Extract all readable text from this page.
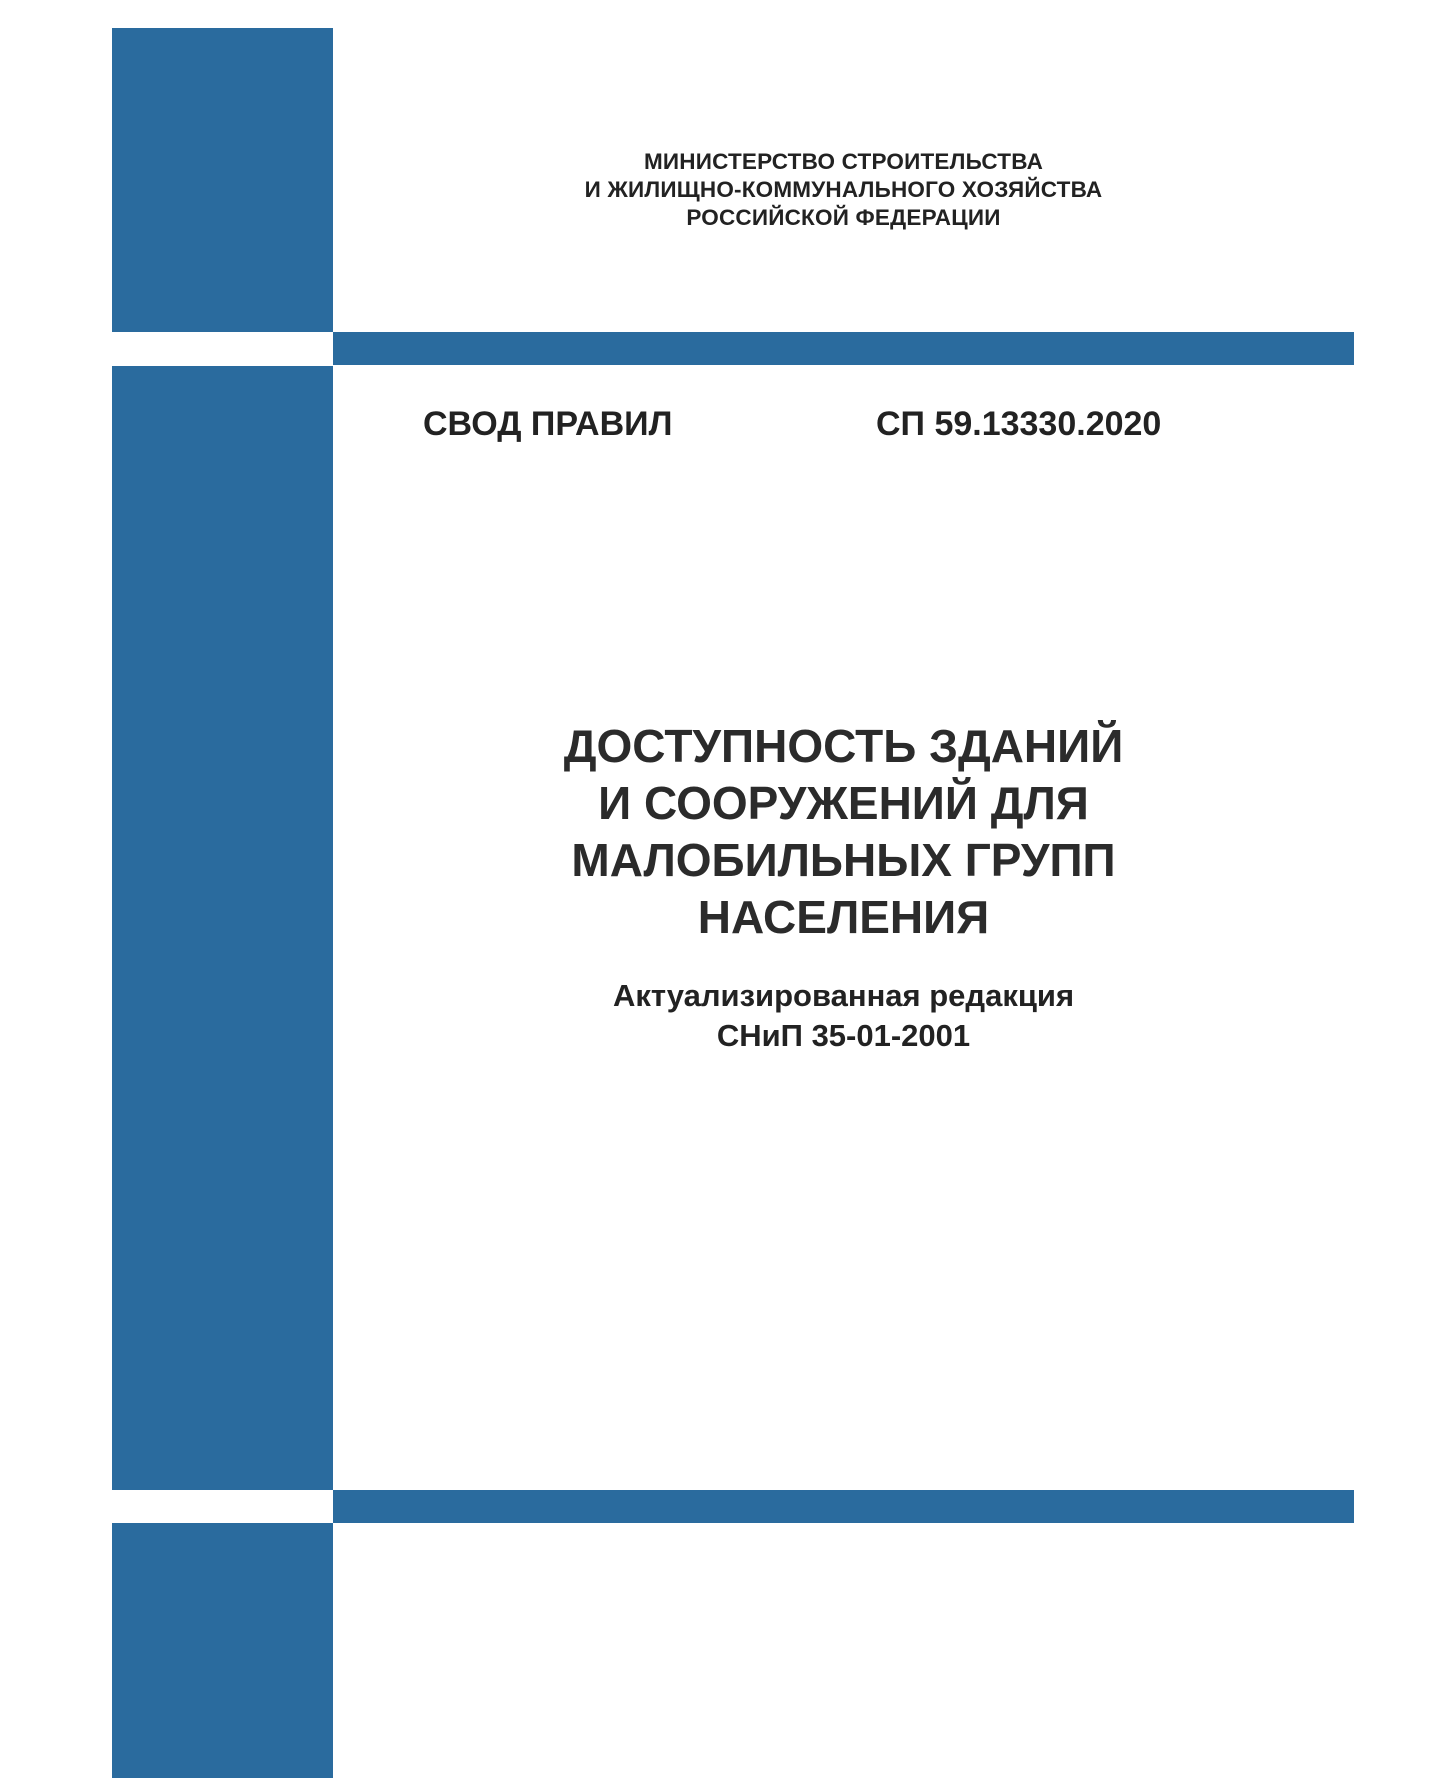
МИНИСТЕРСТВО СТРОИТЕЛЬСТВА
И ЖИЛИЩНО-КОММУНАЛЬНОГО ХОЗЯЙСТВА
РОССИЙСКОЙ ФЕДЕРАЦИИ
СВОД ПРАВИЛ	СП 59.13330.2020
ДОСТУПНОСТЬ ЗДАНИЙ
И СООРУЖЕНИЙ ДЛЯ
МАЛОБИЛЬНЫХ ГРУПП
НАСЕЛЕНИЯ
Актуализированная редакция
СНиП 35-01-2001
